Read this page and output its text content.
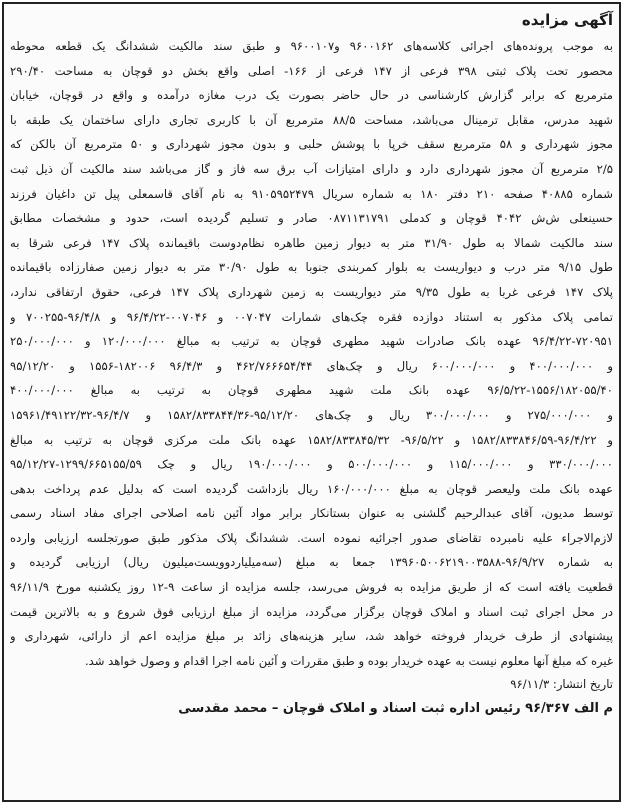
آگهی مزایده
به موجب پرونده‌های اجرائی کلاسه‌های ۹۶۰۰۱۶۲ و۹۶۰۰۱۰۷ و طبق سند مالکیت ششدانگ یک قطعه محوطه
محصور تحت پلاک ثبتی ۳۹۸ فرعی از ۱۴۷ فرعی از ۱۶۶- اصلی واقع بخش دو قوچان به مساحت ۲۹۰/۴۰
مترمربع که برابر گزارش کارشناسی در حال حاضر بصورت یک درب مغازه درآمده و واقع در قوچان، خیابان
شهید مدرس، مقابل ترمینال می‌باشد، مساحت ۸۸/۵ مترمربع آن با کاربری تجاری دارای ساختمان یک طبقه با
مجوز شهرداری و ۵۸ مترمربع سقف خرپا با پوشش حلبی و بدون مجوز شهرداری و ۵۰ مترمربع آن بالکن که
۲/۵ مترمربع آن مجوز شهرداری دارد و دارای امتیازات آب برق سه فاز و گاز می‌باشد سند مالکیت آن ذیل ثبت
شماره ۴۰۸۸۵ صفحه ۲۱۰ دفتر ۱۸۰ به شماره سریال ۹۱۰۵۹۵۲۴۷۹ به نام آقای قاسمعلی پیل تن داغیان فرزند
حسینعلی ش‌ش ۴۰۴۲ قوچان و کدملی ۰۸۷۱۱۳۱۷۹۱ صادر و تسلیم گردیده است، حدود و مشخصات مطابق
سند مالکیت شمالا به طول ۳۱/۹۰ متر به دیوار زمین طاهره نظام‌دوست باقیمانده پلاک ۱۴۷ فرعی شرقا به
طول ۹/۱۵ متر درب و دیواریست به بلوار کمربندی جنوبا به طول ۳۰/۹۰ متر به دیوار زمین صفارزاده باقیمانده
پلاک ۱۴۷ فرعی غربا به طول ۹/۳۵ متر دیواریست به زمین شهرداری پلاک ۱۴۷ فرعی، حقوق ارتفاقی ندارد،
تمامی پلاک مذکور به استناد دوازده فقره چک‌های شمارات ۰۰۷۰۴۷ و ۰۰۷۰۴۶-۹۶/۴/۲۲ و ۹۶/۴/۸-۷۰۰۲۵۵ و
۹۶/۴/۲۲-۷۲۰۹۵۱ عهده بانک صادرات شهید مطهری قوچان به ترتیب به مبالغ ۱۲۰/۰۰۰/۰۰۰ و ۲۵۰/۰۰۰/۰۰۰
و ۴۰۰/۰۰۰/۰۰۰ و ۶۰۰/۰۰۰/۰۰۰ ریال و چک‌های ۴۶۲/۷۶۶۶۵۴/۴۴ و ۹۶/۴/۳ ۱۸۲۰۰۶-۱۵۵۶ و ۹۵/۱۲/۲۰
۹۶/۵/۲۲-۱۵۵۶/۱۸۲۰۵۵/۴۰ عهده بانک ملت شهید مطهری قوچان به ترتیب به مبالغ ۴۰۰/۰۰۰/۰۰۰
و ۲۷۵/۰۰۰/۰۰۰ و ۳۰۰/۰۰۰/۰۰۰ ریال و چک‌های ۹۵/۱۲/۲۰-۱۵۸۲/۸۳۳۸۴۴/۳۶ و ۹۶/۴/۷-۱۵۹۶۱/۴۹۱۲۲/۳۲
و ۹۶/۴/۲۲-۱۵۸۲/۸۳۳۸۴۶/۵۹ و ۹۶/۵/۲۲- ۱۵۸۲/۸۳۳۸۴۵/۳۲ عهده بانک ملت مرکزی قوچان به ترتیب به مبالغ
۳۳۰/۰۰۰/۰۰۰ و ۱۱۵/۰۰۰/۰۰۰ و ۵۰۰/۰۰۰/۰۰۰ و ۱۹۰/۰۰۰/۰۰۰ ریال و چک ۱۲۹۹/۶۶۵۱۵۵/۵۹-۹۵/۱۲/۲۷
عهده بانک ملت ولیعصر قوچان به مبلغ ۱۶۰/۰۰۰/۰۰۰ ریال بازداشت گردیده است که بدلیل عدم پرداخت بدهی
توسط مدیون، آقای عبدالرحیم گلشنی به عنوان بستانکار برابر مواد آئین نامه اصلاحی اجرای مفاد اسناد رسمی
لازم‌الاجراء علیه نامبرده تقاضای صدور اجرائیه نموده است. ششدانگ پلاک مذکور طبق صورتجلسه ارزیابی وارده
به شماره ۹۶/۹/۲۷-۱۳۹۶۰۵۰۰۶۲۱۹۰۰۳۵۸۸ جمعا به مبلغ (سه‌میلیاردوویست‌میلیون ریال) ارزیابی گردیده و
قطعیت یافته است که از طریق مزایده به فروش می‌رسد، جلسه مزایده از ساعت ۹-۱۲ روز یکشنبه مورخ ۹۶/۱۱/۹
در محل اجرای ثبت اسناد و املاک قوچان برگزار می‌گردد، مزایده از مبلغ ارزیابی فوق شروع و به بالاترین قیمت
پیشنهادی از طرف خریدار فروخته خواهد شد، سایر هزینه‌های زائد بر مبلغ مزایده اعم از دارائی، شهرداری و
غیره که مبلغ آنها معلوم نیست به عهده خریدار بوده و طبق مقررات و آئین نامه اجرا اقدام و وصول خواهد شد.
تاریخ انتشار: ۹۶/۱۱/۳
م الف ۹۶/۳۶۷ رئیس اداره ثبت اسناد و املاک قوچان – محمد مقدسی
